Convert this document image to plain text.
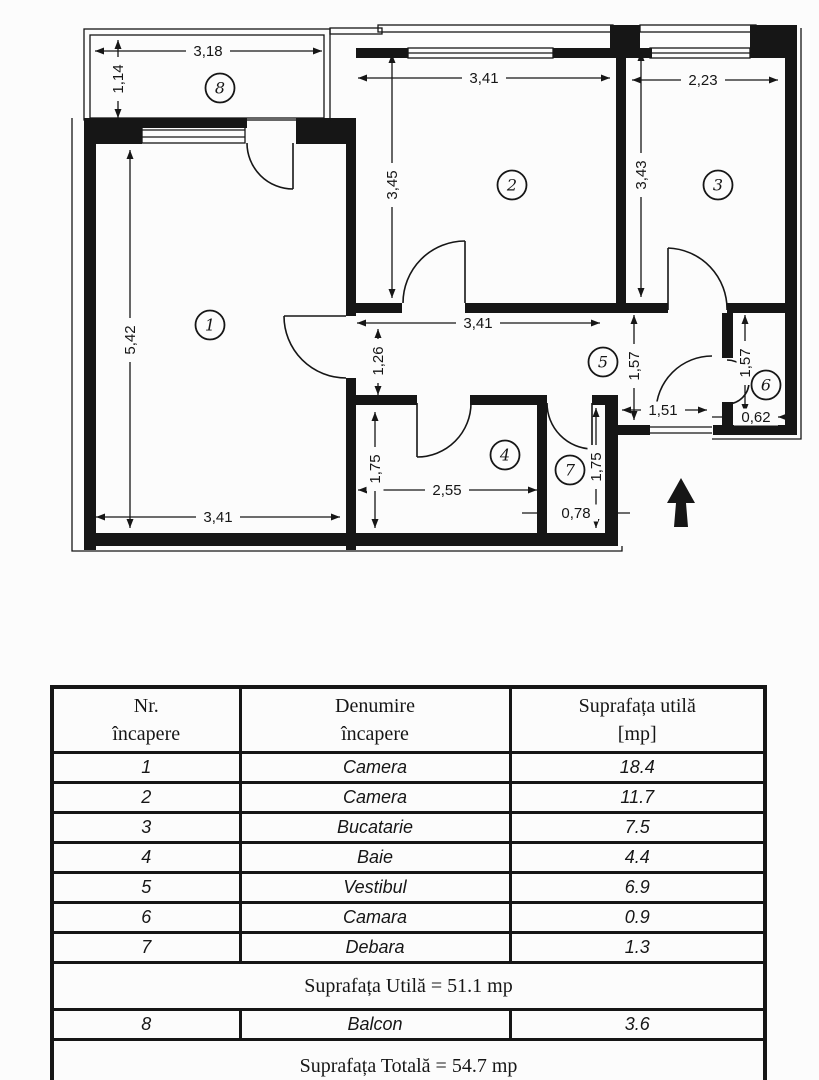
3,18
1,14	3,41
3,45
2,23
3,43
5,42
3,41
3,41
1,26	1,57	1,57
1,51	0,62
1,75
2,55
1,75
0,78
1
2	3
4
5
6
7
8
Nr.
încapere

Denumire
încapere

Suprafața utilă
[mp]

1	Camera	18.4
2	Camera	11.7
3	Bucatarie	7.5
4	Baie	4.4
5	Vestibul	6.9
6	Camara	0.9
7	Debara	1.3
Suprafața Utilă = 51.1 mp		
8	Balcon	3.6
Suprafața Totală = 54.7 mp		
